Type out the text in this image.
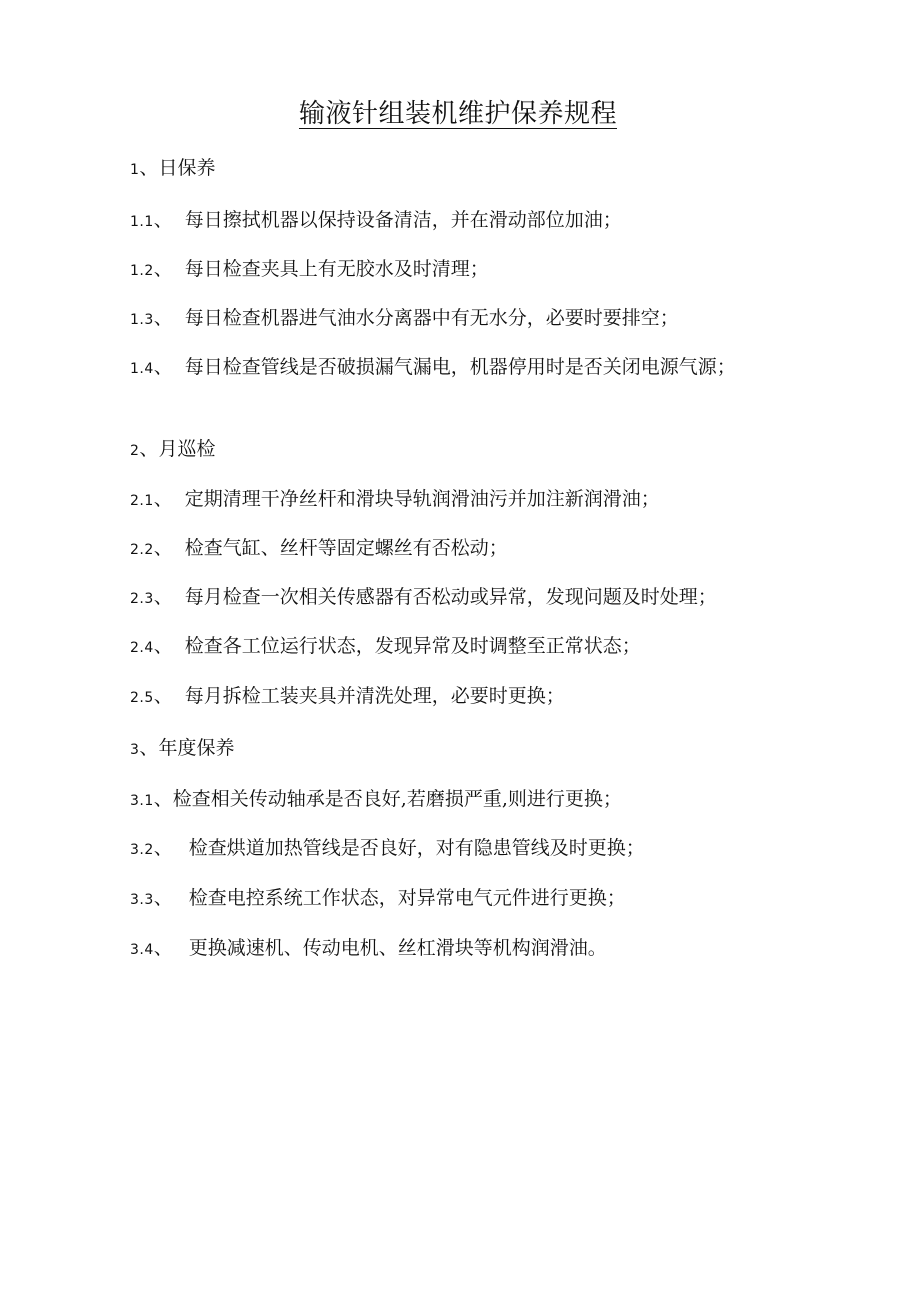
输液针组装机维护保养规程
1、日保养
1.1、 每日擦拭机器以保持设备清洁，并在滑动部位加油；
1.2、 每日检查夹具上有无胶水及时清理；
1.3、 每日检查机器进气油水分离器中有无水分，必要时要排空；
1.4、 每日检查管线是否破损漏气漏电，机器停用时是否关闭电源气源；
2、月巡检
2.1、 定期清理干净丝杆和滑块导轨润滑油污并加注新润滑油；
2.2、 检查气缸、丝杆等固定螺丝有否松动；
2.3、 每月检查一次相关传感器有否松动或异常，发现问题及时处理；
2.4、 检查各工位运行状态，发现异常及时调整至正常状态；
2.5、 每月拆检工装夹具并清洗处理，必要时更换；
3、年度保养
3.1、检查相关传动轴承是否良好,若磨损严重,则进行更换；
3.2、 检查烘道加热管线是否良好，对有隐患管线及时更换；
3.3、 检查电控系统工作状态，对异常电气元件进行更换；
3.4、 更换减速机、传动电机、丝杠滑块等机构润滑油。
